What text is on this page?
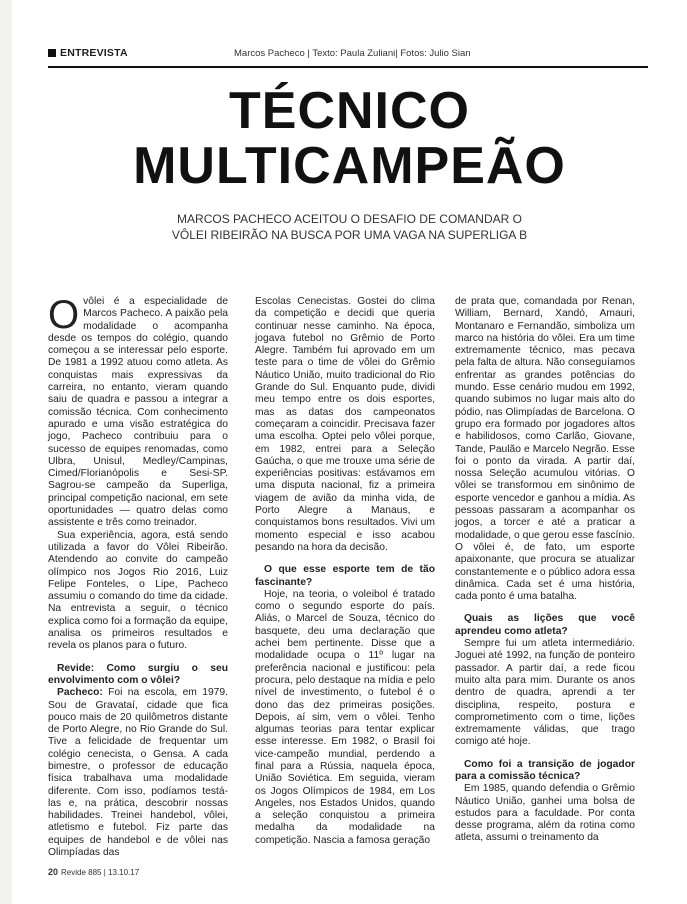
ENTREVISTA	Marcos Pacheco | Texto: Paula Zuliani| Fotos: Julio Sian
TÉCNICO
MULTICAMPEÃO
MARCOS PACHECO ACEITOU O DESAFIO DE COMANDAR O
VÔLEI RIBEIRÃO NA BUSCA POR UMA VAGA NA SUPERLIGA B

Ovôlei é a especialidade de Marcos Pacheco. A paixão pela modalidade o acompanha desde os tempos do colégio, quando começou a se interessar pelo esporte. De 1981 a 1992 atuou como atleta. As conquistas mais expressivas da carreira, no entanto, vieram quando saiu de quadra e passou a integrar a comissão técnica. Com conhecimento apurado e uma visão estratégica do jogo, Pacheco contribuiu para o sucesso de equipes renomadas, como Ulbra, Unisul, Medley/Campinas, Cimed/Florianópolis e Sesi-SP. Sagrou-se campeão da Superliga, principal competição nacional, em sete oportunidades — quatro delas como assistente e três como treinador.

Sua experiência, agora, está sendo utilizada a favor do Vôlei Ribeirão. Atendendo ao convite do campeão olímpico nos Jogos Rio 2016, Luiz Felipe Fonteles, o Lipe, Pacheco assumiu o comando do time da cidade. Na entrevista a seguir, o técnico explica como foi a formação da equipe, analisa os primeiros resultados e revela os planos para o futuro.

Revide: Como surgiu o seu envolvimento com o vôlei?

Pacheco: Foi na escola, em 1979. Sou de Gravataí, cidade que fica pouco mais de 20 quilômetros distante de Porto Alegre, no Rio Grande do Sul. Tive a felicidade de frequentar um colégio cenecista, o Gensa. A cada bimestre, o professor de educação física trabalhava uma modalidade diferente. Com isso, podíamos testá-las e, na prática, descobrir nossas habilidades. Treinei handebol, vôlei, atletismo e futebol. Fiz parte das equipes de handebol e de vôlei nas Olimpíadas das

Escolas Cenecistas. Gostei do clima da competição e decidi que queria continuar nesse caminho. Na época, jogava futebol no Grêmio de Porto Alegre. Também fui aprovado em um teste para o time de vôlei do Grêmio Náutico União, muito tradicional do Rio Grande do Sul. Enquanto pude, dividi meu tempo entre os dois esportes, mas as datas dos campeonatos começaram a coincidir. Precisava fazer uma escolha. Optei pelo vôlei porque, em 1982, entrei para a Seleção Gaúcha, o que me trouxe uma série de experiências positivas: estávamos em uma disputa nacional, fiz a primeira viagem de avião da minha vida, de Porto Alegre a Manaus, e conquistamos bons resultados. Vivi um momento especial e isso acabou pesando na hora da decisão.

O que esse esporte tem de tão fascinante?

Hoje, na teoria, o voleibol é tratado como o segundo esporte do país. Aliás, o Marcel de Souza, técnico do basquete, deu uma declaração que achei bem pertinente. Disse que a modalidade ocupa o 11º lugar na preferência nacional e justificou: pela procura, pelo destaque na mídia e pelo nível de investimento, o futebol é o dono das dez primeiras posições. Depois, aí sim, vem o vôlei. Tenho algumas teorias para tentar explicar esse interesse. Em 1982, o Brasil foi vice-campeão mundial, perdendo a final para a Rússia, naquela época, União Soviética. Em seguida, vieram os Jogos Olímpicos de 1984, em Los Angeles, nos Estados Unidos, quando a seleção conquistou a primeira medalha da modalidade na competição. Nascia a famosa geração

de prata que, comandada por Renan, William, Bernard, Xandó, Amauri, Montanaro e Fernandão, simboliza um marco na história do vôlei. Era um time extremamente técnico, mas pecava pela falta de altura. Não conseguíamos enfrentar as grandes potências do mundo. Esse cenário mudou em 1992, quando subimos no lugar mais alto do pódio, nas Olimpíadas de Barcelona. O grupo era formado por jogadores altos e habilidosos, como Carlão, Giovane, Tande, Paulão e Marcelo Negrão. Esse foi o ponto da virada. A partir daí, nossa Seleção acumulou vitórias. O vôlei se transformou em sinônimo de esporte vencedor e ganhou a mídia. As pessoas passaram a acompanhar os jogos, a torcer e até a praticar a modalidade, o que gerou esse fascínio. O vôlei é, de fato, um esporte apaixonante, que procura se atualizar constantemente e o público adora essa dinâmica. Cada set é uma história, cada ponto é uma batalha.

Quais as lições que você aprendeu como atleta?

Sempre fui um atleta intermediário. Joguei até 1992, na função de ponteiro passador. A partir daí, a rede ficou muito alta para mim. Durante os anos dentro de quadra, aprendi a ter disciplina, respeito, postura e comprometimento com o time, lições extremamente válidas, que trago comigo até hoje.

Como foi a transição de jogador para a comissão técnica?

Em 1985, quando defendia o Grêmio Náutico União, ganhei uma bolsa de estudos para a faculdade. Por conta desse programa, além da rotina como atleta, assumi o treinamento da

20 Revide 885 | 13.10.17
